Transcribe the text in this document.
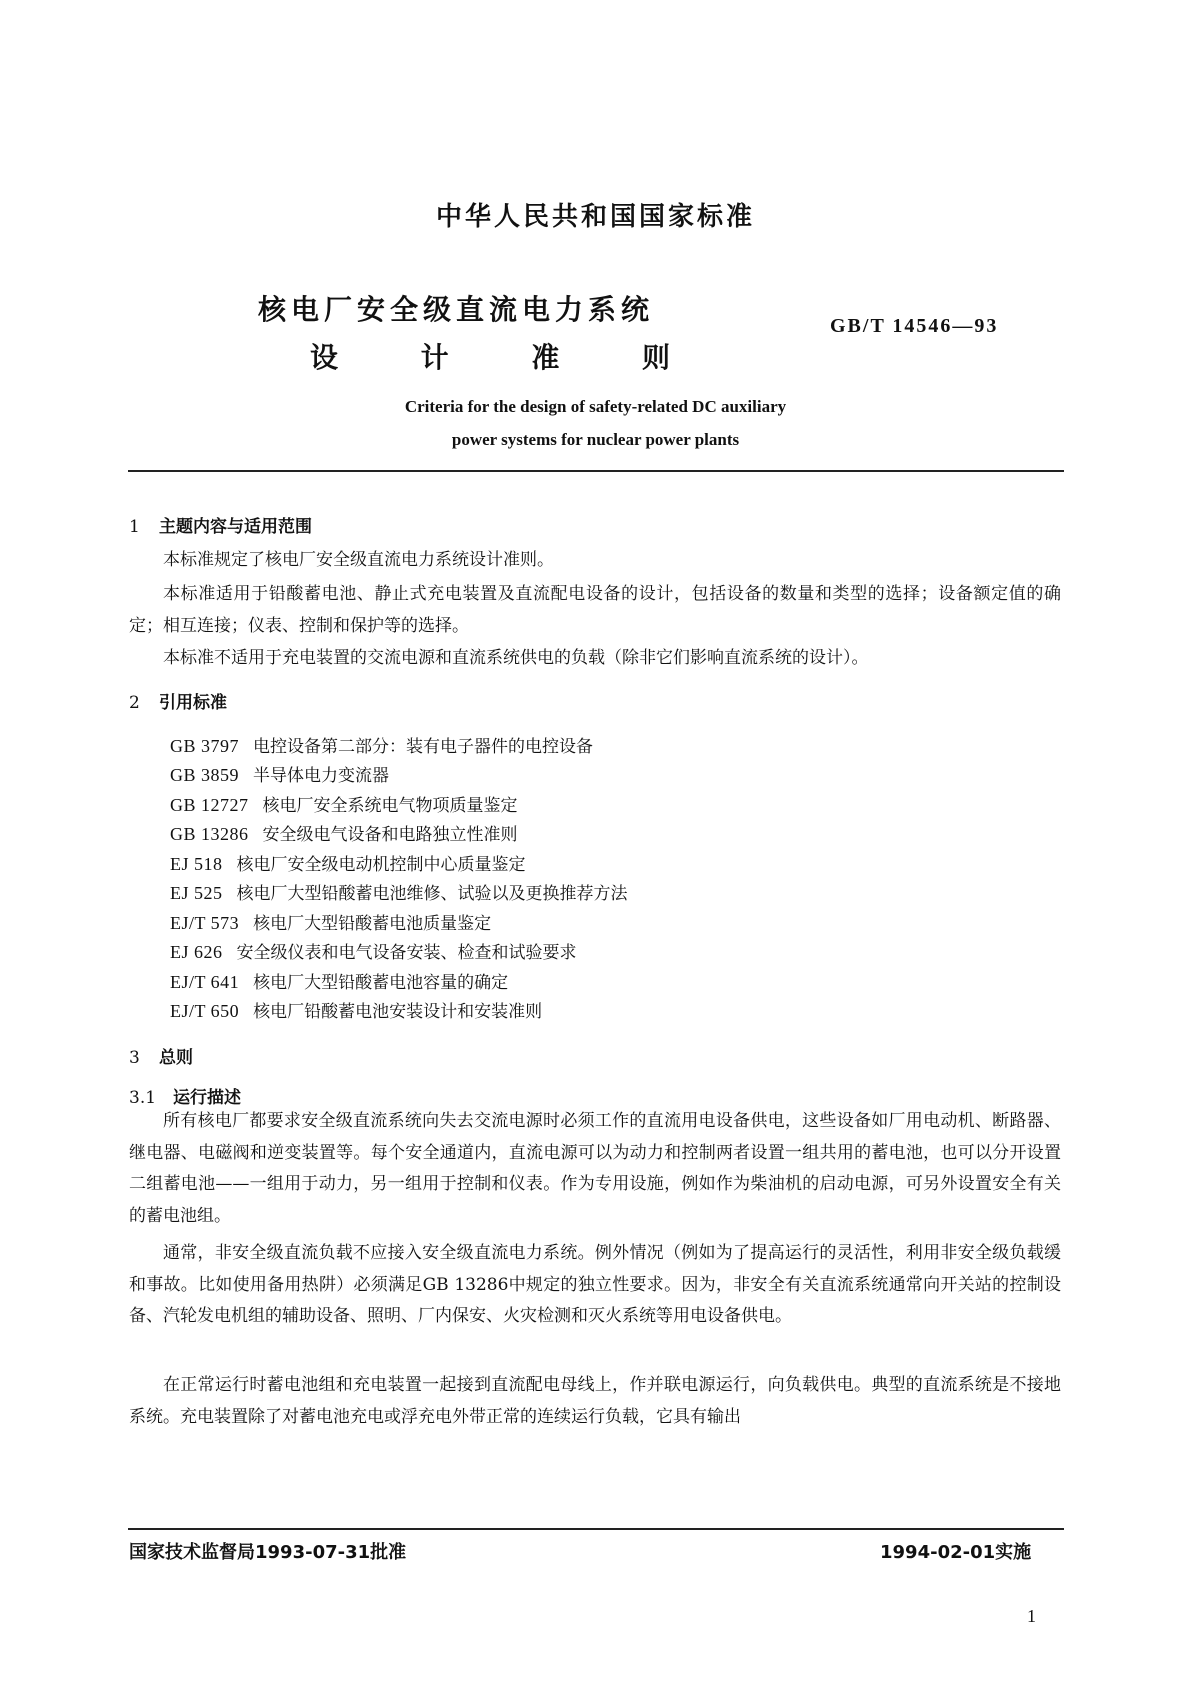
中华人民共和国国家标准
核电厂安全级直流电力系统
设	计	准	则
GB/T 14546—93
Criteria for the design of safety-related DC auxiliary
power systems for nuclear power plants
1 主题内容与适用范围

本标准规定了核电厂安全级直流电力系统设计准则。

本标准适用于铅酸蓄电池、静止式充电装置及直流配电设备的设计，包括设备的数量和类型的选择；设备额定值的确定；相互连接；仪表、控制和保护等的选择。

本标准不适用于充电装置的交流电源和直流系统供电的负载（除非它们影响直流系统的设计）。

2 引用标准
GB 3797 电控设备第二部分：装有电子器件的电控设备
GB 3859 半导体电力变流器
GB 12727 核电厂安全系统电气物项质量鉴定
GB 13286 安全级电气设备和电路独立性准则
EJ 518 核电厂安全级电动机控制中心质量鉴定
EJ 525 核电厂大型铅酸蓄电池维修、试验以及更换推荐方法
EJ/T 573 核电厂大型铅酸蓄电池质量鉴定
EJ 626 安全级仪表和电气设备安装、检查和试验要求
EJ/T 641 核电厂大型铅酸蓄电池容量的确定
EJ/T 650 核电厂铅酸蓄电池安装设计和安装准则
3 总则
3.1 运行描述

所有核电厂都要求安全级直流系统向失去交流电源时必须工作的直流用电设备供电，这些设备如厂用电动机、断路器、继电器、电磁阀和逆变装置等。每个安全通道内，直流电源可以为动力和控制两者设置一组共用的蓄电池，也可以分开设置二组蓄电池——一组用于动力，另一组用于控制和仪表。作为专用设施，例如作为柴油机的启动电源，可另外设置安全有关的蓄电池组。

通常，非安全级直流负载不应接入安全级直流电力系统。例外情况（例如为了提高运行的灵活性，利用非安全级负载缓和事故。比如使用备用热阱）必须满足GB 13286中规定的独立性要求。因为，非安全有关直流系统通常向开关站的控制设备、汽轮发电机组的辅助设备、照明、厂内保安、火灾检测和灭火系统等用电设备供电。

在正常运行时蓄电池组和充电装置一起接到直流配电母线上，作并联电源运行，向负载供电。典型的直流系统是不接地系统。充电装置除了对蓄电池充电或浮充电外带正常的连续运行负载，它具有输出

国家技术监督局1993-07-31批准	1994-02-01实施
1
